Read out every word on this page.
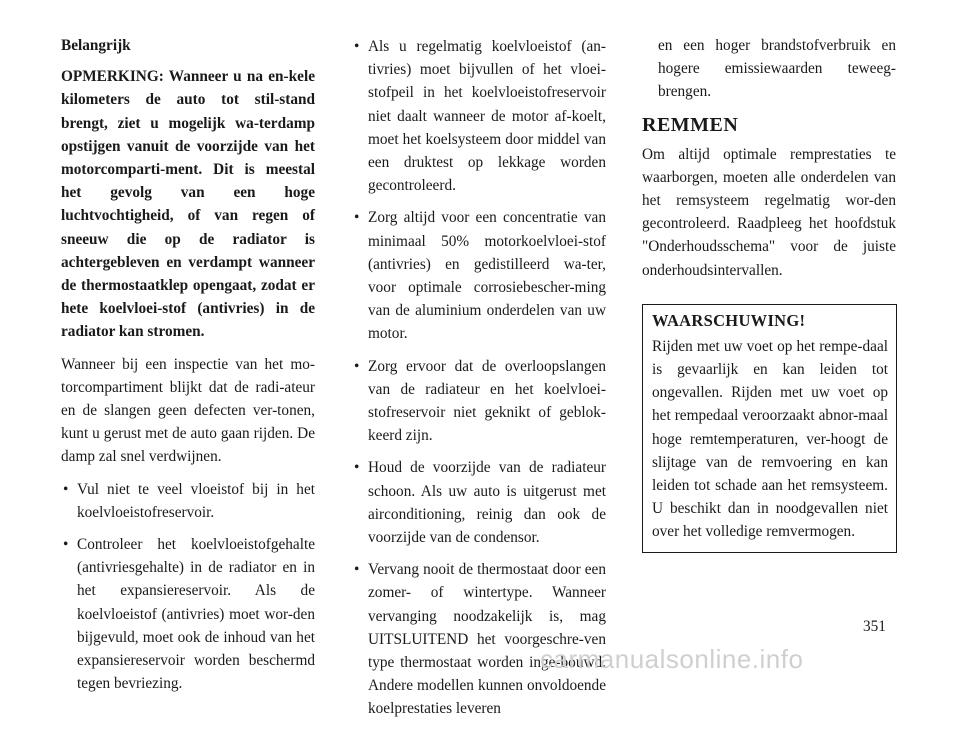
Belangrijk

OPMERKING: Wanneer u na en-kele kilometers de auto tot stil-stand brengt, ziet u mogelijk wa-terdamp opstijgen vanuit de voorzijde van het motorcomparti-ment. Dit is meestal het gevolg van een hoge luchtvochtigheid, of van regen of sneeuw die op de radiator is achtergebleven en verdampt wanneer de thermostaatklep opengaat, zodat er hete koelvloei-stof (antivries) in de radiator kan stromen.

Wanneer bij een inspectie van het mo-torcompartiment blijkt dat de radi-ateur en de slangen geen defecten ver-tonen, kunt u gerust met de auto gaan rijden. De damp zal snel verdwijnen.

• Vul niet te veel vloeistof bij in het koelvloeistofreservoir.
• Controleer het koelvloeistofgehalte (antivriesgehalte) in de radiator en in het expansiereservoir. Als de koelvloeistof (antivries) moet wor-den bijgevuld, moet ook de inhoud van het expansiereservoir worden beschermd tegen bevriezing.
• Als u regelmatig koelvloeistof (an-tivries) moet bijvullen of het vloei-stofpeil in het koelvloeistofreservoir niet daalt wanneer de motor af-koelt, moet het koelsysteem door middel van een druktest op lekkage worden gecontroleerd.
• Zorg altijd voor een concentratie van minimaal 50% motorkoelvloei-stof (antivries) en gedistilleerd wa-ter, voor optimale corrosiebescher-ming van de aluminium onderdelen van uw motor.
• Zorg ervoor dat de overloopslangen van de radiateur en het koelvloei-stofreservoir niet geknikt of geblok-keerd zijn.
• Houd de voorzijde van de radiateur schoon. Als uw auto is uitgerust met airconditioning, reinig dan ook de voorzijde van de condensor.
• Vervang nooit de thermostaat door een zomer- of wintertype. Wanneer vervanging noodzakelijk is, mag UITSLUITEND het voorgeschre-ven type thermostaat worden inge-bouwd. Andere modellen kunnen onvoldoende koelprestaties leveren

en een hoger brandstofverbruik en hogere emissiewaarden teweeg-brengen.

REMMEN

Om altijd optimale remprestaties te waarborgen, moeten alle onderdelen van het remsysteem regelmatig wor-den gecontroleerd. Raadpleeg het hoofdstuk "Onderhoudsschema" voor de juiste onderhoudsintervallen.

WAARSCHUWING!

Rijden met uw voet op het rempe-daal is gevaarlijk en kan leiden tot ongevallen. Rijden met uw voet op het rempedaal veroorzaakt abnor-maal hoge remtemperaturen, ver-hoogt de slijtage van de remvoering en kan leiden tot schade aan het remsysteem. U beschikt dan in noodgevallen niet over het volledige remvermogen.

351
carmanualsonline.info
